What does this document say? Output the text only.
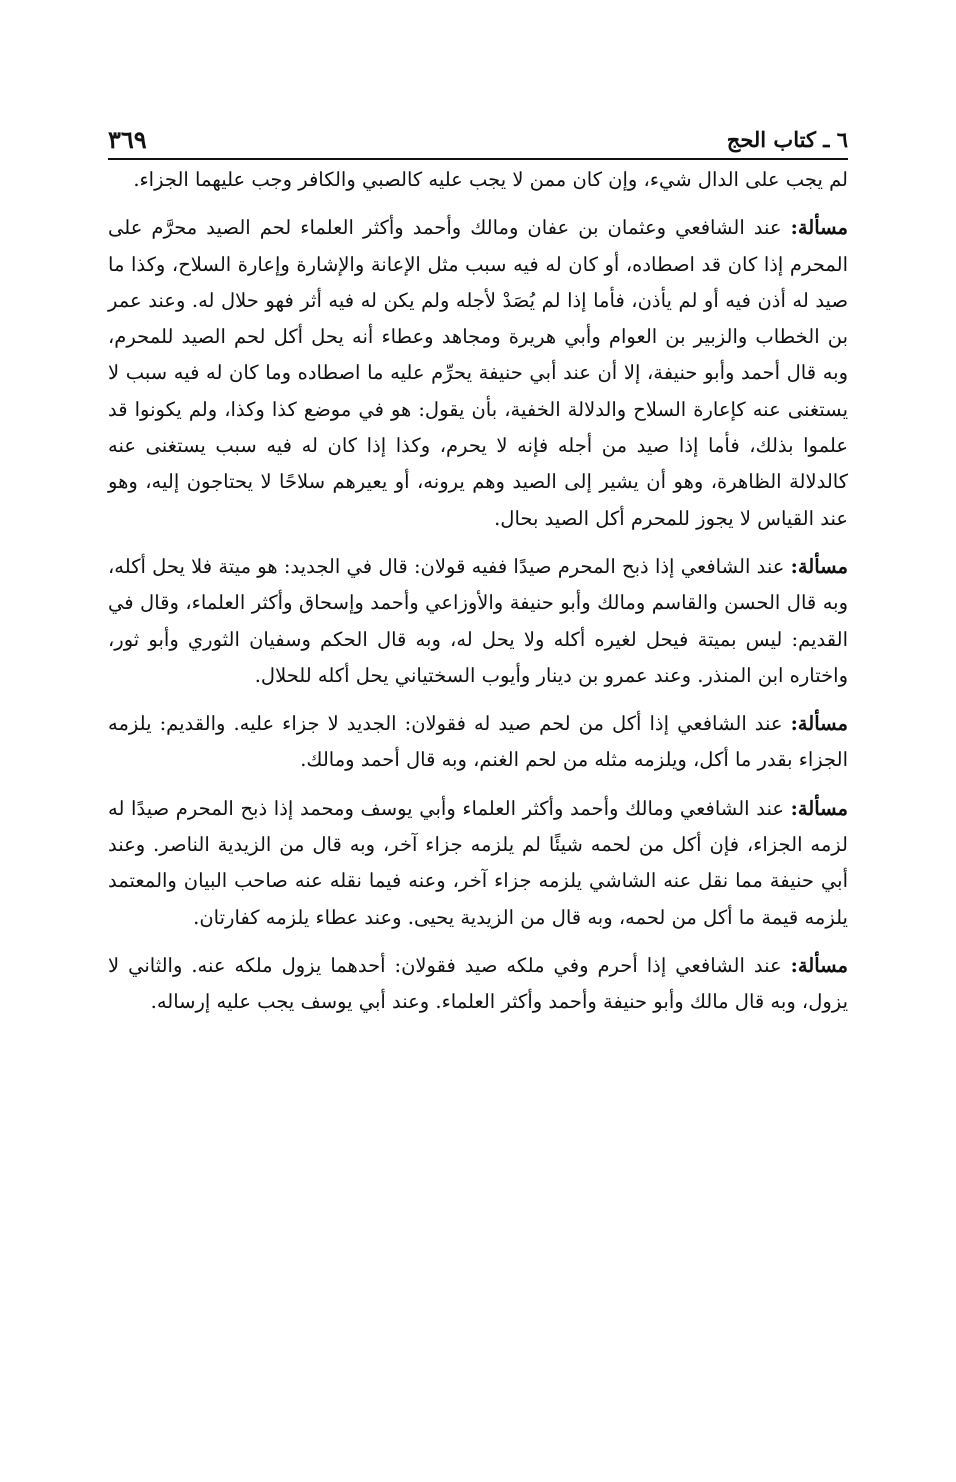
٦ ـ كتاب الحج
٣٦٩

لم يجب على الدال شيء، وإن كان ممن لا يجب عليه كالصبي والكافر وجب عليهما الجزاء.

مسألة: عند الشافعي وعثمان بن عفان ومالك وأحمد وأكثر العلماء لحم الصيد محرَّم على المحرم إذا كان قد اصطاده، أو كان له فيه سبب مثل الإعانة والإشارة وإعارة السلاح، وكذا ما صيد له أذن فيه أو لم يأذن، فأما إذا لم يُصَدْ لأجله ولم يكن له فيه أثر فهو حلال له. وعند عمر بن الخطاب والزبير بن العوام وأبي هريرة ومجاهد وعطاء أنه يحل أكل لحم الصيد للمحرم، وبه قال أحمد وأبو حنيفة، إلا أن عند أبي حنيفة يحرِّم عليه ما اصطاده وما كان له فيه سبب لا يستغنى عنه كإعارة السلاح والدلالة الخفية، بأن يقول: هو في موضع كذا وكذا، ولم يكونوا قد علموا بذلك، فأما إذا صيد من أجله فإنه لا يحرم، وكذا إذا كان له فيه سبب يستغنى عنه كالدلالة الظاهرة، وهو أن يشير إلى الصيد وهم يرونه، أو يعيرهم سلاحًا لا يحتاجون إليه، وهو عند القياس لا يجوز للمحرم أكل الصيد بحال.

مسألة: عند الشافعي إذا ذبح المحرم صيدًا ففيه قولان: قال في الجديد: هو ميتة فلا يحل أكله، وبه قال الحسن والقاسم ومالك وأبو حنيفة والأوزاعي وأحمد وإسحاق وأكثر العلماء، وقال في القديم: ليس بميتة فيحل لغيره أكله ولا يحل له، وبه قال الحكم وسفيان الثوري وأبو ثور، واختاره ابن المنذر. وعند عمرو بن دينار وأيوب السختياني يحل أكله للحلال.

مسألة: عند الشافعي إذا أكل من لحم صيد له فقولان: الجديد لا جزاء عليه. والقديم: يلزمه الجزاء بقدر ما أكل، ويلزمه مثله من لحم الغنم، وبه قال أحمد ومالك.

مسألة: عند الشافعي ومالك وأحمد وأكثر العلماء وأبي يوسف ومحمد إذا ذبح المحرم صيدًا له لزمه الجزاء، فإن أكل من لحمه شيئًا لم يلزمه جزاء آخر، وبه قال من الزيدية الناصر. وعند أبي حنيفة مما نقل عنه الشاشي يلزمه جزاء آخر، وعنه فيما نقله عنه صاحب البيان والمعتمد يلزمه قيمة ما أكل من لحمه، وبه قال من الزيدية يحيى. وعند عطاء يلزمه كفارتان.

مسألة: عند الشافعي إذا أحرم وفي ملكه صيد فقولان: أحدهما يزول ملكه عنه. والثاني لا يزول، وبه قال مالك وأبو حنيفة وأحمد وأكثر العلماء. وعند أبي يوسف يجب عليه إرساله.
